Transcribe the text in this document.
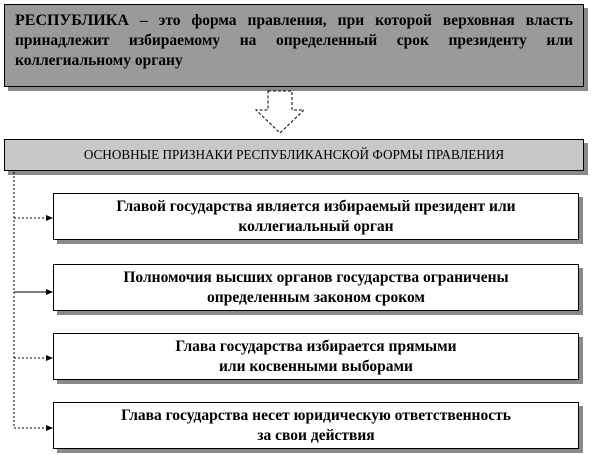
РЕСПУБЛИКА – это форма правления, при которой верховная власть принадлежит избираемому на определенный срок президенту или коллегиальному органу
ОСНОВНЫЕ ПРИЗНАКИ РЕСПУБЛИКАНСКОЙ ФОРМЫ ПРАВЛЕНИЯ
Главой государства является избираемый президент или
коллегиальный орган
Полномочия высших органов государства ограничены
определенным законом сроком
Глава государства избирается прямыми
или косвенными выборами
Глава государства несет юридическую ответственность
за свои действия
